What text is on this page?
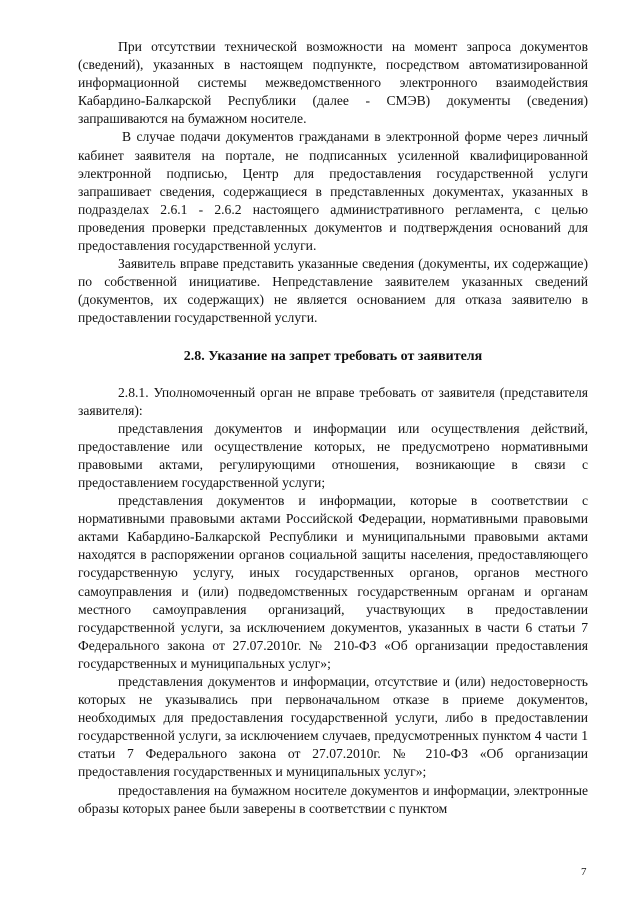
При отсутствии технической возможности на момент запроса документов (сведений), указанных в настоящем подпункте, посредством автоматизированной информационной системы межведомственного электронного взаимодействия Кабардино-Балкарской Республики (далее - СМЭВ) документы (сведения) запрашиваются на бумажном носителе.

В случае подачи документов гражданами в электронной форме через личный кабинет заявителя на портале, не подписанных усиленной квалифицированной электронной подписью, Центр для предоставления государственной услуги запрашивает сведения, содержащиеся в представленных документах, указанных в подразделах 2.6.1 - 2.6.2 настоящего административного регламента, с целью проведения проверки представленных документов и подтверждения оснований для предоставления государственной услуги.

Заявитель вправе представить указанные сведения (документы, их содержащие) по собственной инициативе. Непредставление заявителем указанных сведений (документов, их содержащих) не является основанием для отказа заявителю в предоставлении государственной услуги.

2.8. Указание на запрет требовать от заявителя

2.8.1. Уполномоченный орган не вправе требовать от заявителя (представителя заявителя):

представления документов и информации или осуществления действий, предоставление или осуществление которых, не предусмотрено нормативными правовыми актами, регулирующими отношения, возникающие в связи с предоставлением государственной услуги;

представления документов и информации, которые в соответствии с нормативными правовыми актами Российской Федерации, нормативными правовыми актами Кабардино-Балкарской Республики и муниципальными правовыми актами находятся в распоряжении органов социальной защиты населения, предоставляющего государственную услугу, иных государственных органов, органов местного самоуправления и (или) подведомственных государственным органам и органам местного самоуправления организаций, участвующих в предоставлении государственной услуги, за исключением документов, указанных в части 6 статьи 7 Федерального закона от 27.07.2010г. № 210-ФЗ «Об организации предоставления государственных и муниципальных услуг»;

представления документов и информации, отсутствие и (или) недостоверность которых не указывались при первоначальном отказе в приеме документов, необходимых для предоставления государственной услуги, либо в предоставлении государственной услуги, за исключением случаев, предусмотренных пунктом 4 части 1 статьи 7 Федерального закона от 27.07.2010г. № 210-ФЗ «Об организации предоставления государственных и муниципальных услуг»;

предоставления на бумажном носителе документов и информации, электронные образы которых ранее были заверены в соответствии с пунктом

7
